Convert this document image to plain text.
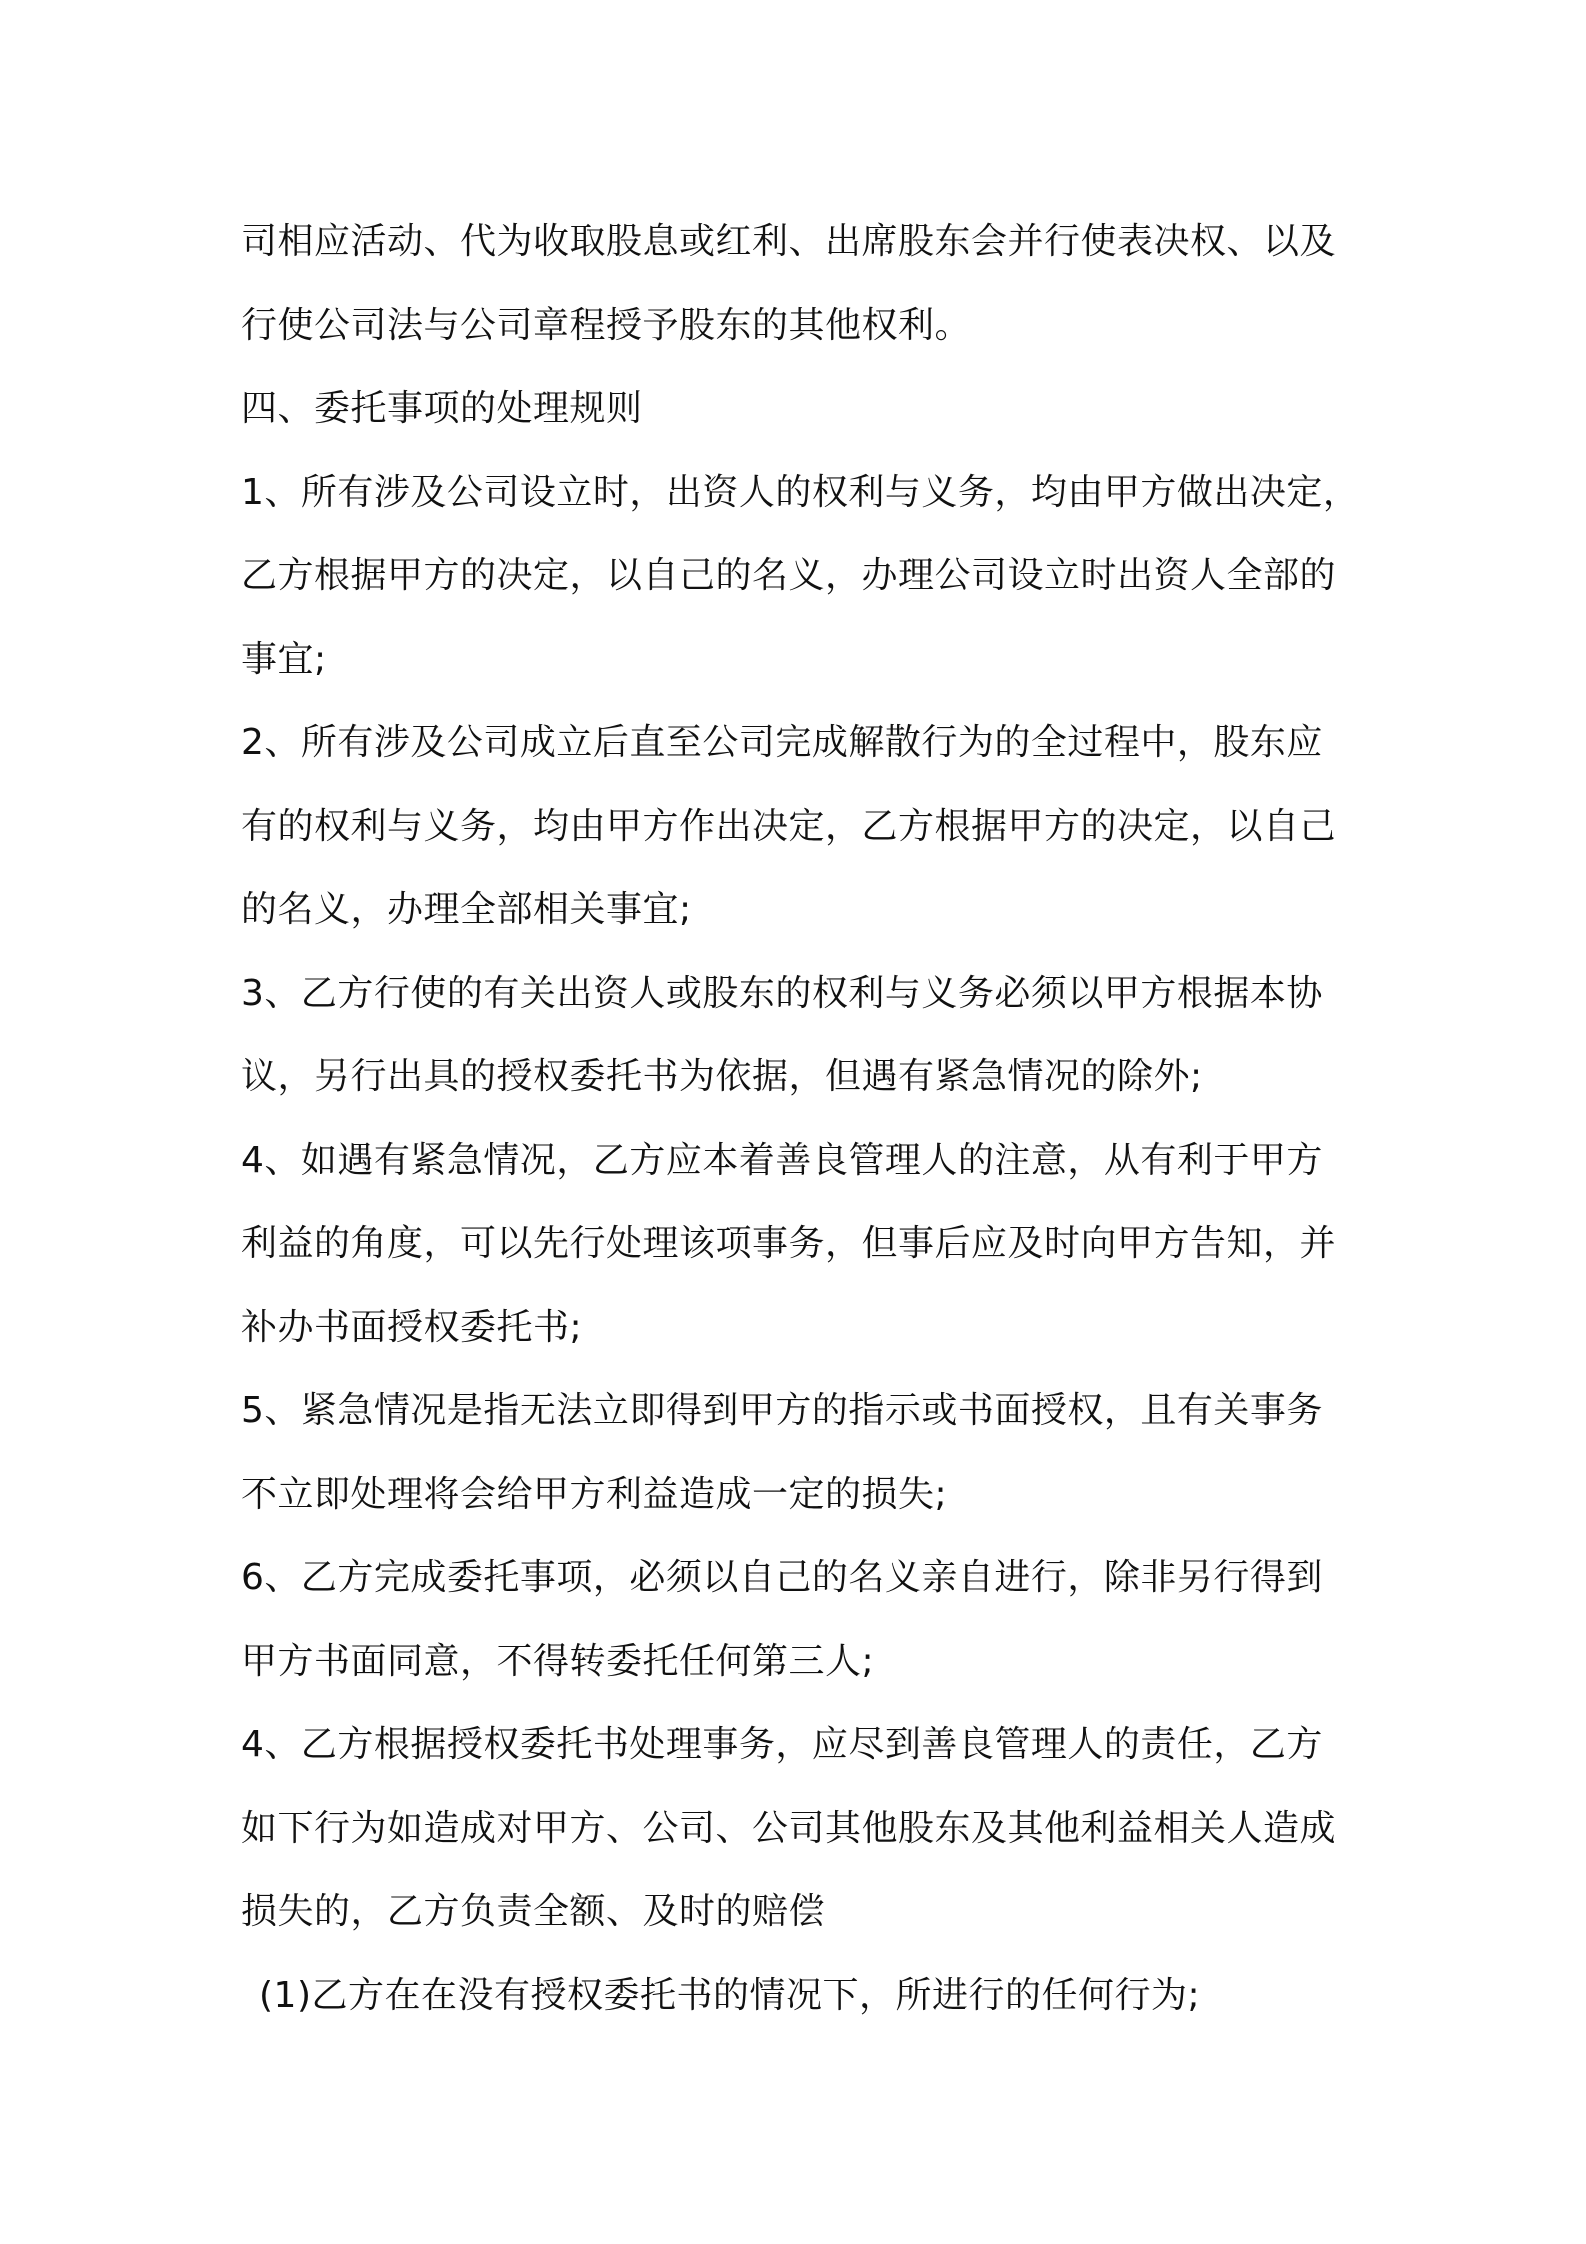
司相应活动、代为收取股息或红利、出席股东会并行使表决权、以及
行使公司法与公司章程授予股东的其他权利。
四、委托事项的处理规则
1、所有涉及公司设立时，出资人的权利与义务，均由甲方做出决定，
乙方根据甲方的决定，以自己的名义，办理公司设立时出资人全部的
事宜;
2、所有涉及公司成立后直至公司完成解散行为的全过程中，股东应
有的权利与义务，均由甲方作出决定，乙方根据甲方的决定，以自己
的名义，办理全部相关事宜;
3、乙方行使的有关出资人或股东的权利与义务必须以甲方根据本协
议，另行出具的授权委托书为依据，但遇有紧急情况的除外;
4、如遇有紧急情况，乙方应本着善良管理人的注意，从有利于甲方
利益的角度，可以先行处理该项事务，但事后应及时向甲方告知，并
补办书面授权委托书;
5、紧急情况是指无法立即得到甲方的指示或书面授权，且有关事务
不立即处理将会给甲方利益造成一定的损失;
6、乙方完成委托事项，必须以自己的名义亲自进行，除非另行得到
甲方书面同意，不得转委托任何第三人;
4、乙方根据授权委托书处理事务，应尽到善良管理人的责任，乙方
如下行为如造成对甲方、公司、公司其他股东及其他利益相关人造成
损失的，乙方负责全额、及时的赔偿
(1)乙方在在没有授权委托书的情况下，所进行的任何行为;
